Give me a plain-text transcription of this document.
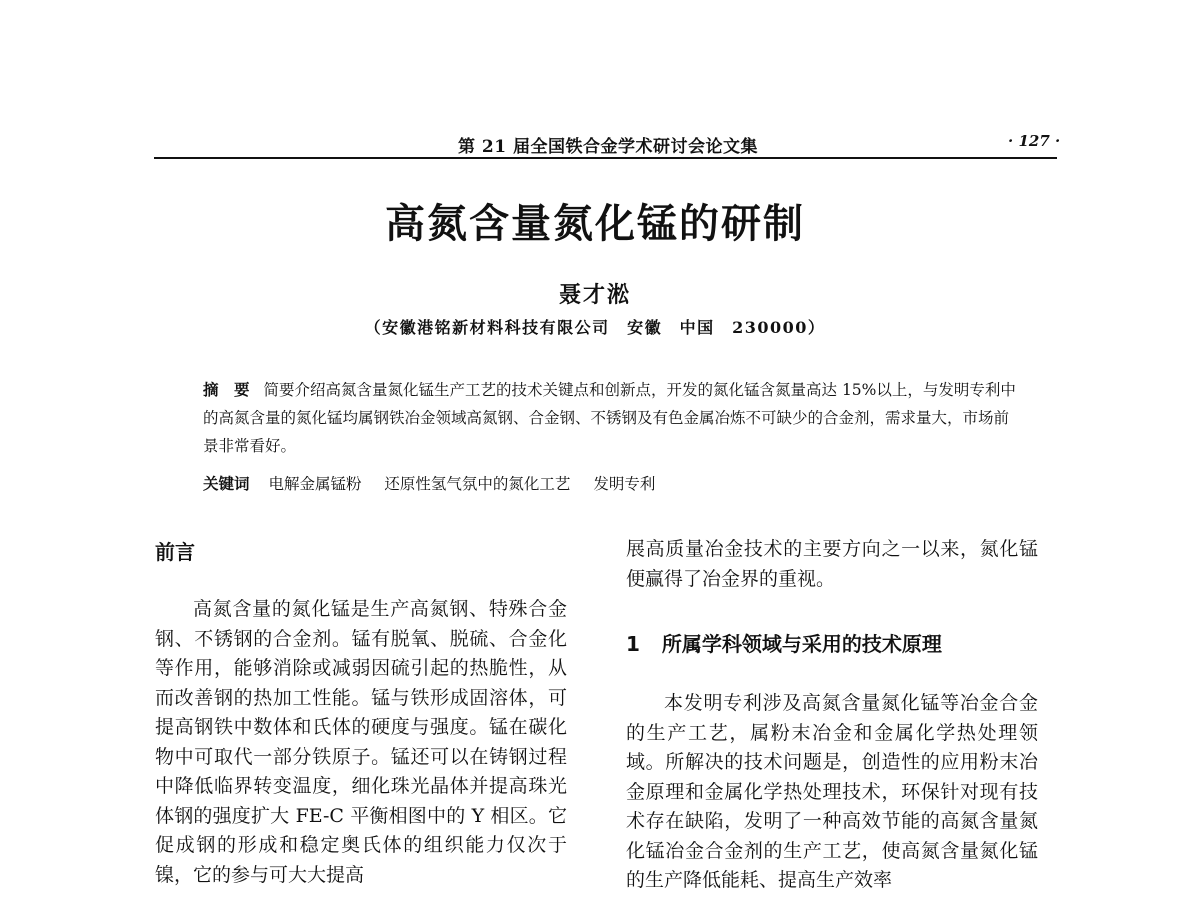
第 21 届全国铁合金学术研讨会论文集	· 127 ·
高氮含量氮化锰的研制
聂才淞
（安徽港铭新材料科技有限公司　安徽　中国　230000）
摘　要 简要介绍高氮含量氮化锰生产工艺的技术关键点和创新点，开发的氮化锰含氮量高达 15%以上，与发明专利中的高氮含量的氮化锰均属钢铁冶金领域高氮钢、合金钢、不锈钢及有色金属冶炼不可缺少的合金剂，需求量大，市场前景非常看好。
关键词 电解金属锰粉 还原性氢气氛中的氮化工艺 发明专利
前言

高氮含量的氮化锰是生产高氮钢、特殊合金钢、不锈钢的合金剂。锰有脱氧、脱硫、合金化等作用，能够消除或减弱因硫引起的热脆性，从而改善钢的热加工性能。锰与铁形成固溶体，可提高钢铁中数体和氏体的硬度与强度。锰在碳化物中可取代一部分铁原子。锰还可以在铸钢过程中降低临界转变温度，细化珠光晶体并提高珠光体钢的强度扩大 FE-C 平衡相图中的 Y 相区。它促成钢的形成和稳定奥氏体的组织能力仅次于镍，它的参与可大大提高

展高质量冶金技术的主要方向之一以来，氮化锰便赢得了冶金界的重视。

1 所属学科领域与采用的技术原理

本发明专利涉及高氮含量氮化锰等冶金合金的生产工艺，属粉末冶金和金属化学热处理领域。所解决的技术问题是，创造性的应用粉末冶金原理和金属化学热处理技术，环保针对现有技术存在缺陷，发明了一种高效节能的高氮含量氮化锰冶金合金剂的生产工艺，使高氮含量氮化锰的生产降低能耗、提高生产效率
